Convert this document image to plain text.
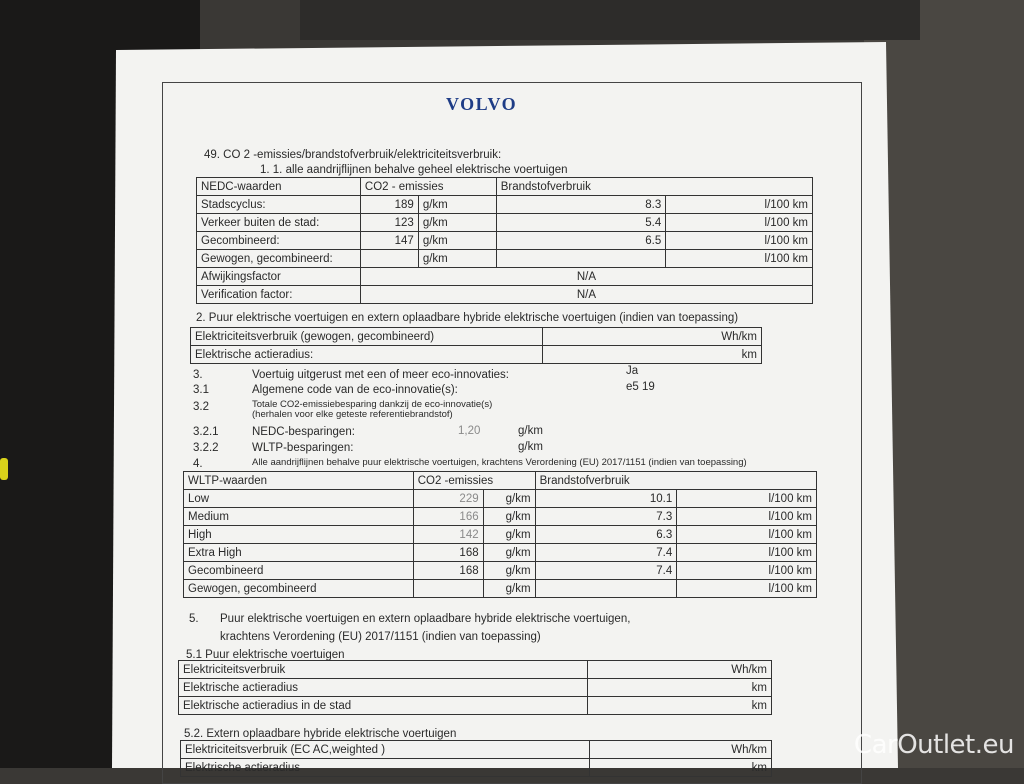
VOLVO
49. CO 2 -emissies/brandstofverbruik/elektriciteitsverbruik:
1. 1. alle aandrijflijnen behalve geheel elektrische voertuigen
NEDC-waarden	CO2 - emissies		Brandstofverbruik	
Stadscyclus:	189	g/km	8.3	l/100 km
Verkeer buiten de stad:	123	g/km	5.4	l/100 km
Gecombineerd:	147	g/km	6.5	l/100 km
Gewogen, gecombineerd:		g/km		l/100 km
Afwijkingsfactor	N/A			
Verification factor:	N/A			
2. Puur elektrische voertuigen en extern oplaadbare hybride elektrische voertuigen (indien van toepassing)
Elektriciteitsverbruik (gewogen, gecombineerd)	Wh/km
Elektrische actieradius:	km
3.	Voertuig uitgerust met een of meer eco-innovaties:	Ja
3.1	Algemene code van de eco-innovatie(s):	e5 19
3.2	Totale CO2-emissiebesparing dankzij de eco-innovatie(s)
(herhalen voor elke geteste referentiebrandstof)
3.2.1	NEDC-besparingen:	1,20	g/km
3.2.2	WLTP-besparingen:	g/km
4.	Alle aandrijflijnen behalve puur elektrische voertuigen, krachtens Verordening (EU) 2017/1151 (indien van toepassing)
WLTP-waarden	CO2 -emissies		Brandstofverbruik	
Low	229	g/km	10.1	l/100 km
Medium	166	g/km	7.3	l/100 km
High	142	g/km	6.3	l/100 km
Extra High	168	g/km	7.4	l/100 km
Gecombineerd	168	g/km	7.4	l/100 km
Gewogen, gecombineerd		g/km		l/100 km
5. Puur elektrische voertuigen en extern oplaadbare hybride elektrische voertuigen,
krachtens Verordening (EU) 2017/1151 (indien van toepassing)
5.1 Puur elektrische voertuigen
Elektriciteitsverbruik	Wh/km
Elektrische actieradius	km
Elektrische actieradius in de stad	km
5.2. Extern oplaadbare hybride elektrische voertuigen
Elektriciteitsverbruik (EC AC,weighted )	Wh/km
Elektrische actieradius	km
CarOutlet.eu
